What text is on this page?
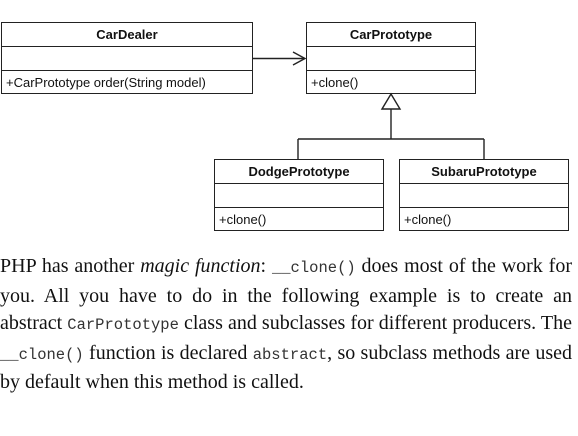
CarDealer
+CarPrototype order(String model)
CarPrototype
+clone()
DodgePrototype
+clone()
SubaruPrototype
+clone()

PHP has another magic function: __clone() does most of the work for you. All you have to do in the following example is to create an abstract CarPrototype class and subclasses for different producers. The __clone() function is declared abstract, so subclass methods are used by default when this method is called.
